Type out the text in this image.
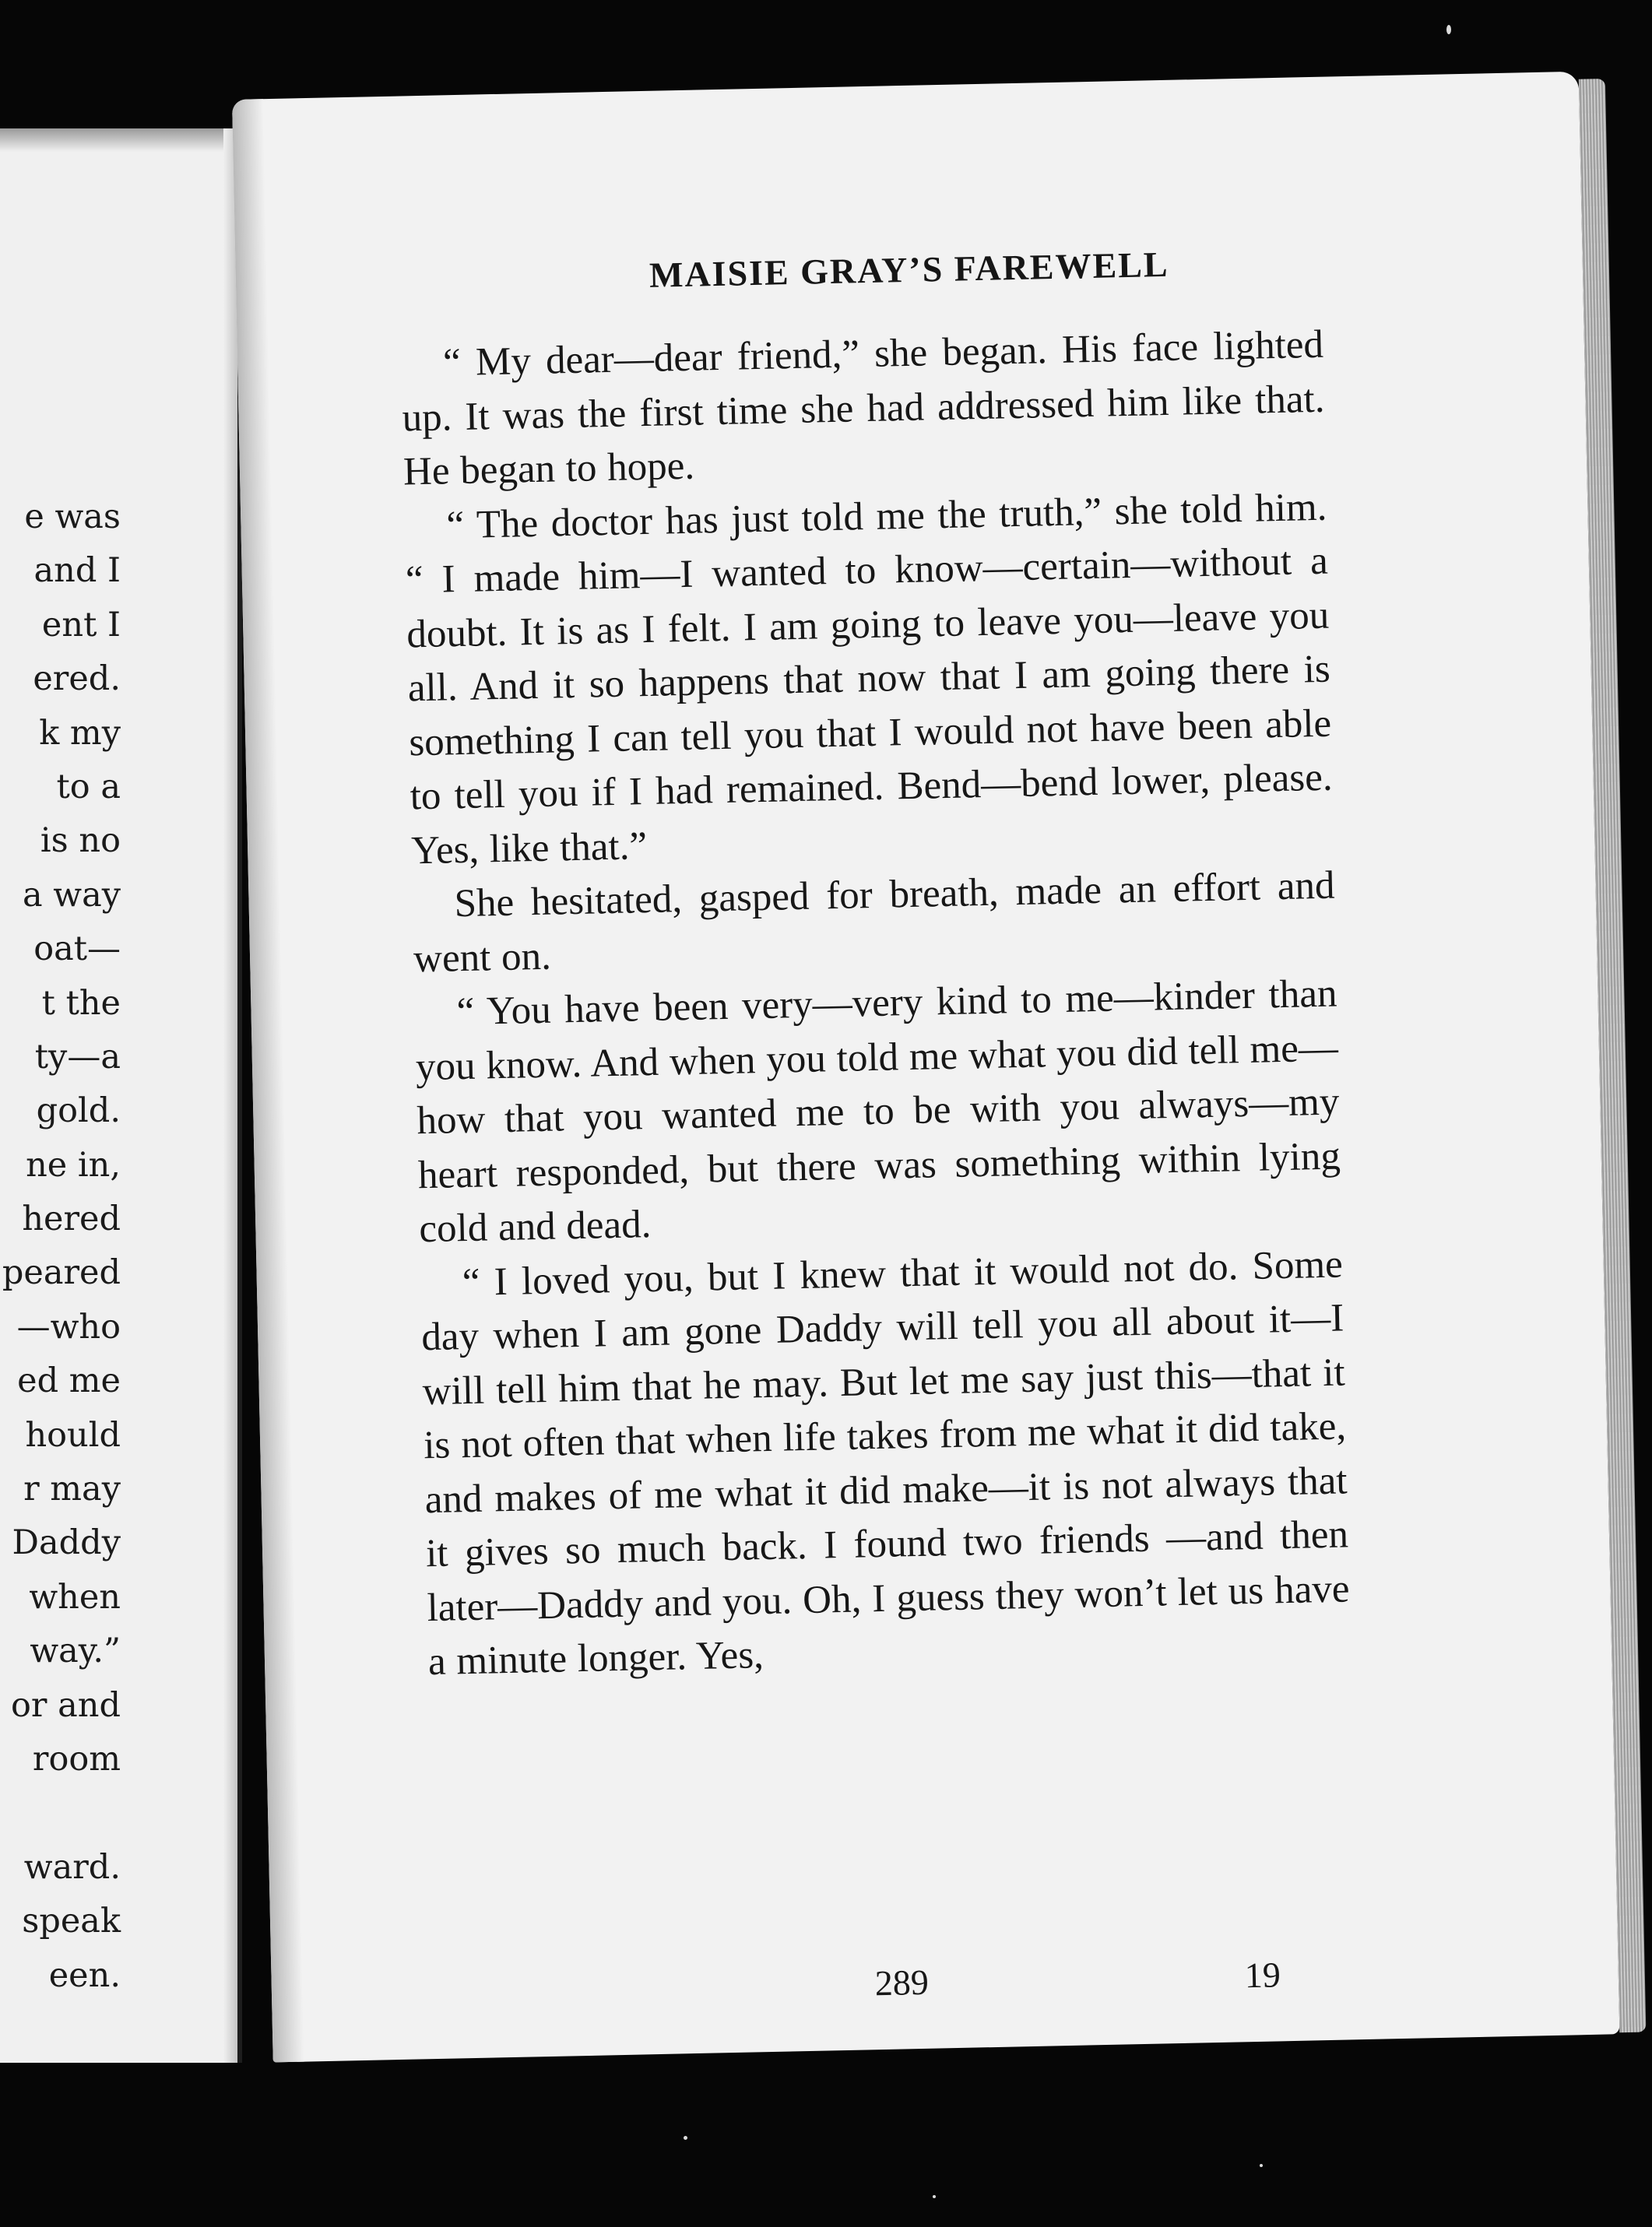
e was
and I
ent I
ered.
k my
to a
is no
a way
oat—
t the
ty—a
gold.
ne in,
hered
peared
—who
ed me
hould
r may
Daddy
when
way.”
or and
room
ward.
speak
een.
MAISIE GRAY’S FAREWELL

“ My dear—dear friend,” she began. His face lighted up. It was the first time she had addressed him like that. He began to hope.

“ The doctor has just told me the truth,” she told him. “ I made him—I wanted to know—certain—without a doubt. It is as I felt. I am going to leave you—leave you all. And it so happens that now that I am going there is something I can tell you that I would not have been able to tell you if I had remained. Bend—bend lower, please. Yes, like that.”

She hesitated, gasped for breath, made an effort and went on.

“ You have been very—very kind to me—kinder than you know. And when you told me what you did tell me—how that you wanted me to be with you always—my heart responded, but there was something within lying cold and dead.

“ I loved you, but I knew that it would not do. Some day when I am gone Daddy will tell you all about it—I will tell him that he may. But let me say just this—that it is not often that when life takes from me what it did take, and makes of me what it did make—it is not always that it gives so much back. I found two friends —and then later—Daddy and you. Oh, I guess they won’t let us have a minute longer. Yes,

289	19
